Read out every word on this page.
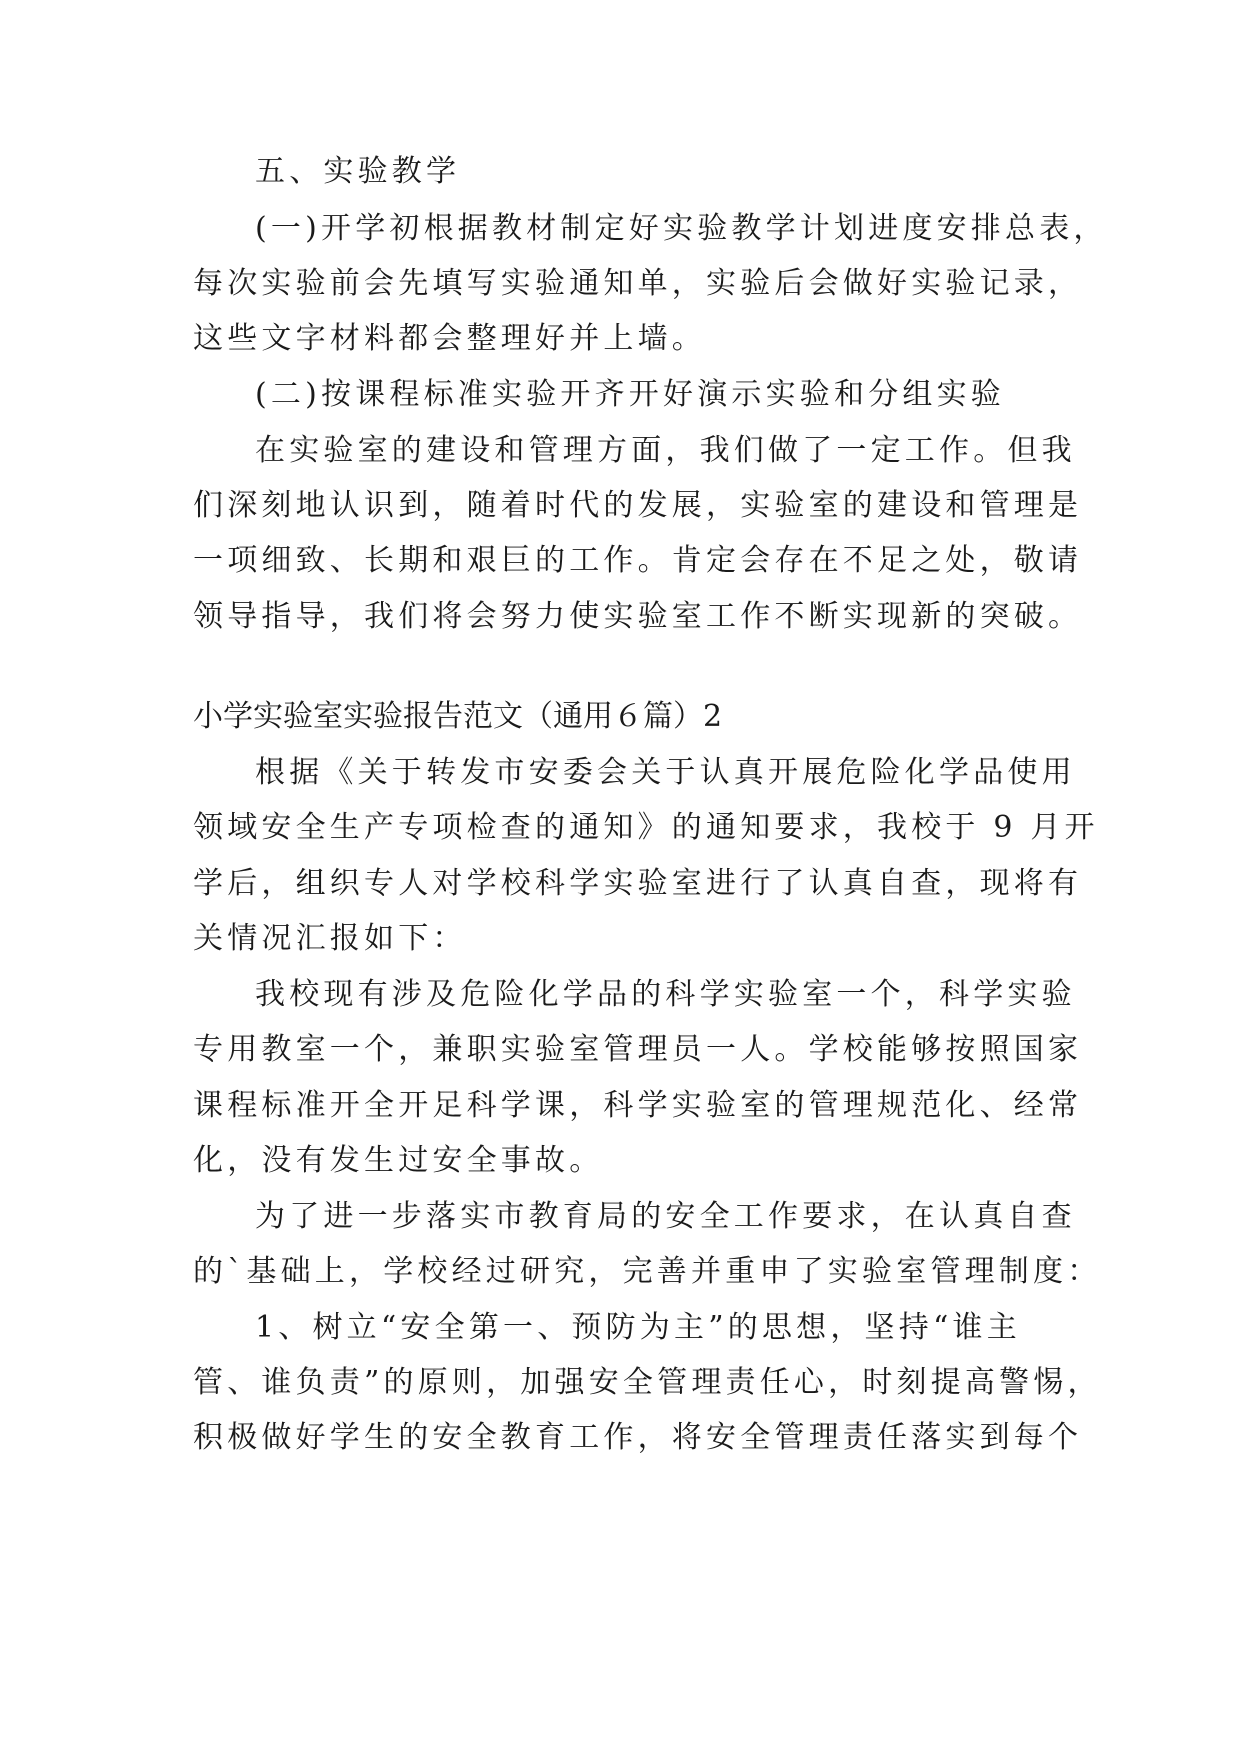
五、实验教学
(一)开学初根据教材制定好实验教学计划进度安排总表，
每次实验前会先填写实验通知单，实验后会做好实验记录，
这些文字材料都会整理好并上墙。
(二)按课程标准实验开齐开好演示实验和分组实验
在实验室的建设和管理方面，我们做了一定工作。但我
们深刻地认识到，随着时代的发展，实验室的建设和管理是
一项细致、长期和艰巨的工作。肯定会存在不足之处，敬请
领导指导，我们将会努力使实验室工作不断实现新的突破。
小学实验室实验报告范文（通用６篇）2
根据《关于转发市安委会关于认真开展危险化学品使用
领域安全生产专项检查的通知》的通知要求，我校于 9 月开
学后，组织专人对学校科学实验室进行了认真自查，现将有
关情况汇报如下：
我校现有涉及危险化学品的科学实验室一个，科学实验
专用教室一个，兼职实验室管理员一人。学校能够按照国家
课程标准开全开足科学课，科学实验室的管理规范化、经常
化，没有发生过安全事故。
为了进一步落实市教育局的安全工作要求，在认真自查
的`基础上，学校经过研究，完善并重申了实验室管理制度：
1、树立“安全第一、预防为主”的思想，坚持“谁主
管、谁负责”的原则，加强安全管理责任心，时刻提高警惕，
积极做好学生的安全教育工作，将安全管理责任落实到每个
